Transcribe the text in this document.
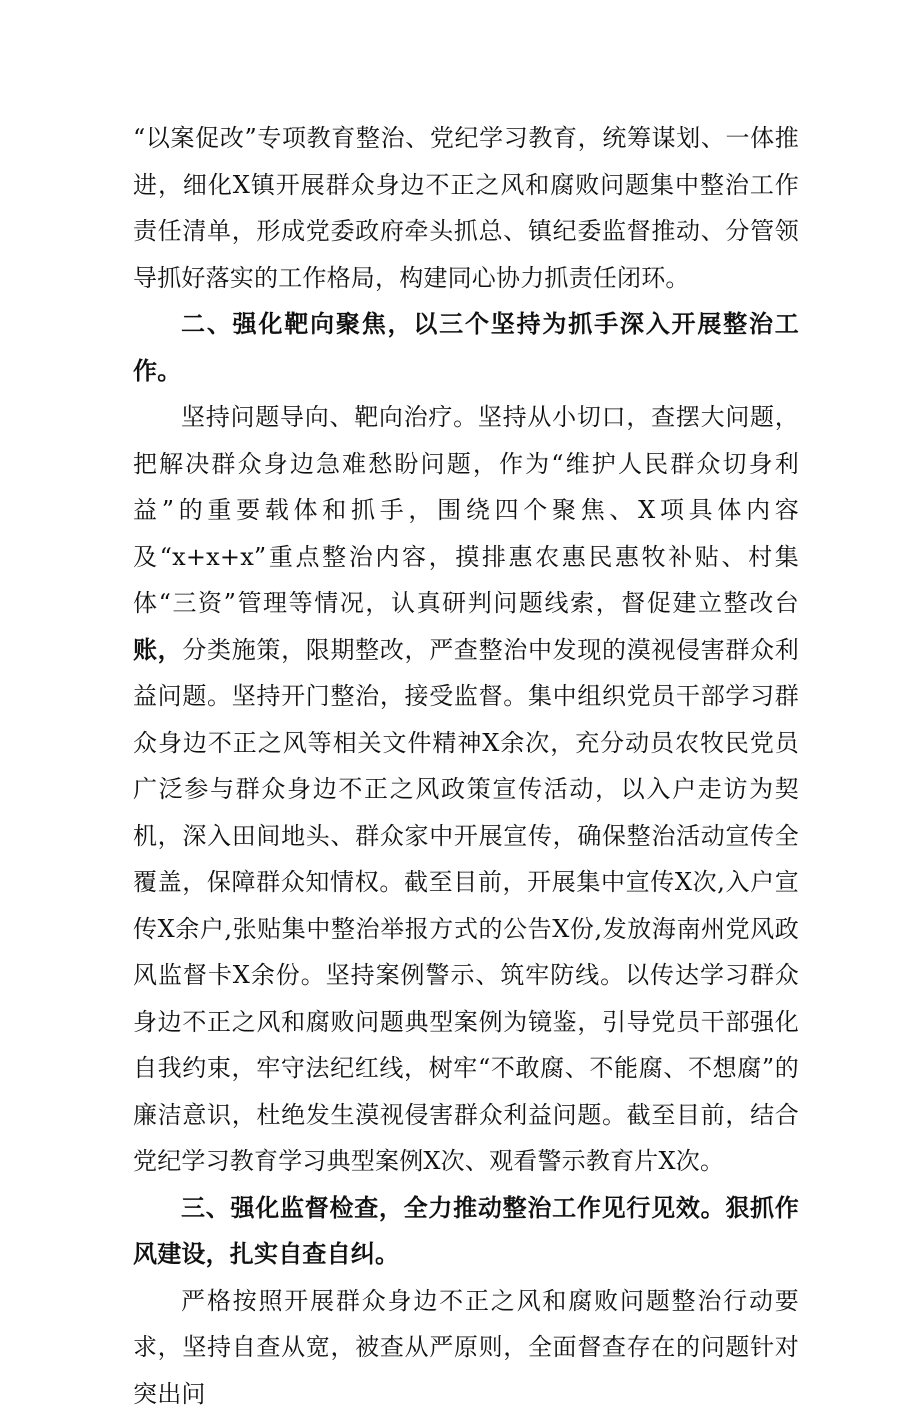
“以案促改”专项教育整治、党纪学习教育，统筹谋划、一体推进，细化X镇开展群众身边不正之风和腐败问题集中整治工作责任清单，形成党委政府牵头抓总、镇纪委监督推动、分管领导抓好落实的工作格局，构建同心协力抓责任闭环。

二、强化靶向聚焦，以三个坚持为抓手深入开展整治工作。

坚持问题导向、靶向治疗。坚持从小切口，查摆大问题，把解决群众身边急难愁盼问题，作为“维护人民群众切身利益”的重要载体和抓手，围绕四个聚焦、X项具体内容及“x+x+x”重点整治内容，摸排惠农惠民惠牧补贴、村集体“三资”管理等情况，认真研判问题线索，督促建立整改台账，分类施策，限期整改，严查整治中发现的漠视侵害群众利益问题。坚持开门整治，接受监督。集中组织党员干部学习群众身边不正之风等相关文件精神X余次，充分动员农牧民党员广泛参与群众身边不正之风政策宣传活动，以入户走访为契机，深入田间地头、群众家中开展宣传，确保整治活动宣传全覆盖，保障群众知情权。截至目前，开展集中宣传X次,入户宣传X余户,张贴集中整治举报方式的公告X份,发放海南州党风政风监督卡X余份。坚持案例警示、筑牢防线。以传达学习群众身边不正之风和腐败问题典型案例为镜鉴，引导党员干部强化自我约束，牢守法纪红线，树牢“不敢腐、不能腐、不想腐”的廉洁意识，杜绝发生漠视侵害群众利益问题。截至目前，结合党纪学习教育学习典型案例X次、观看警示教育片X次。

三、强化监督检查，全力推动整治工作见行见效。狠抓作风建设，扎实自查自纠。

严格按照开展群众身边不正之风和腐败问题整治行动要求，坚持自查从宽，被查从严原则，全面督查存在的问题针对突出问
